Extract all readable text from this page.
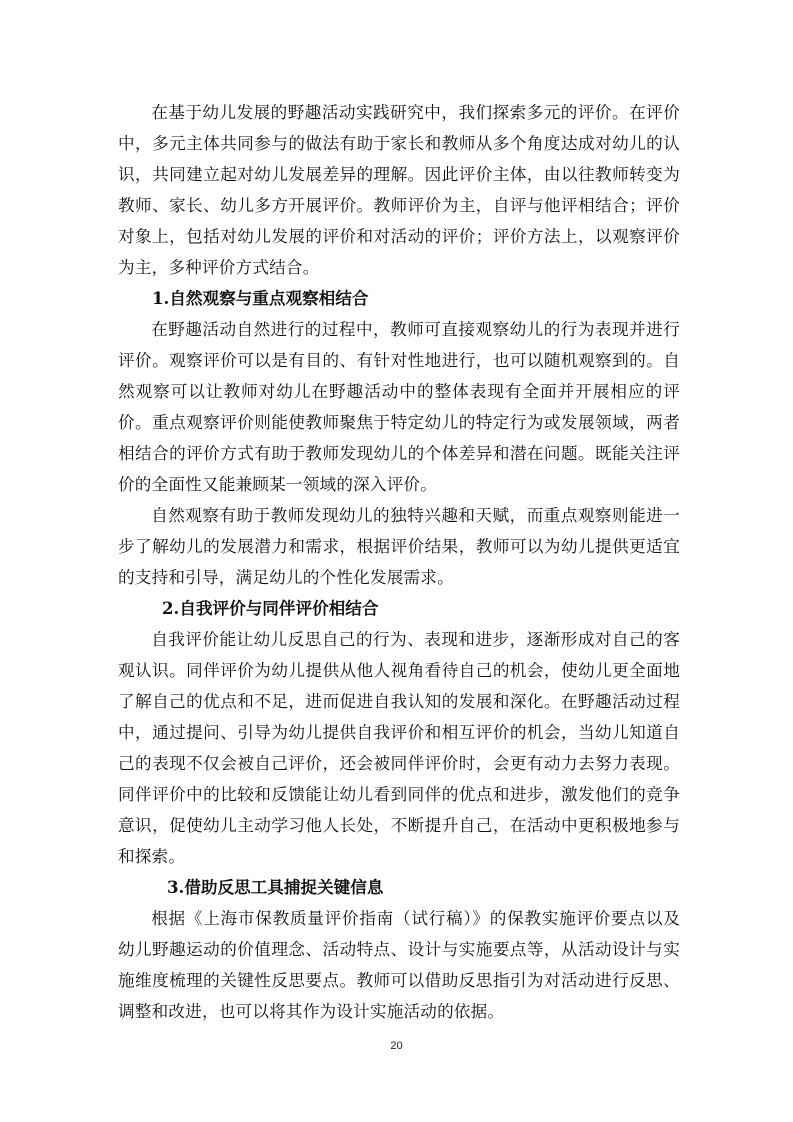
在基于幼儿发展的野趣活动实践研究中，我们探索多元的评价。在评价中，多元主体共同参与的做法有助于家长和教师从多个角度达成对幼儿的认识，共同建立起对幼儿发展差异的理解。因此评价主体，由以往教师转变为教师、家长、幼儿多方开展评价。教师评价为主，自评与他评相结合；评价对象上，包括对幼儿发展的评价和对活动的评价；评价方法上，以观察评价为主，多种评价方式结合。

1.自然观察与重点观察相结合

在野趣活动自然进行的过程中，教师可直接观察幼儿的行为表现并进行评价。观察评价可以是有目的、有针对性地进行，也可以随机观察到的。自然观察可以让教师对幼儿在野趣活动中的整体表现有全面并开展相应的评价。重点观察评价则能使教师聚焦于特定幼儿的特定行为或发展领域，两者相结合的评价方式有助于教师发现幼儿的个体差异和潜在问题。既能关注评价的全面性又能兼顾某一领域的深入评价。

自然观察有助于教师发现幼儿的独特兴趣和天赋，而重点观察则能进一步了解幼儿的发展潜力和需求，根据评价结果，教师可以为幼儿提供更适宜的支持和引导，满足幼儿的个性化发展需求。

2.自我评价与同伴评价相结合

自我评价能让幼儿反思自己的行为、表现和进步，逐渐形成对自己的客观认识。同伴评价为幼儿提供从他人视角看待自己的机会，使幼儿更全面地了解自己的优点和不足，进而促进自我认知的发展和深化。在野趣活动过程中，通过提问、引导为幼儿提供自我评价和相互评价的机会，当幼儿知道自己的表现不仅会被自己评价，还会被同伴评价时，会更有动力去努力表现。同伴评价中的比较和反馈能让幼儿看到同伴的优点和进步，激发他们的竞争意识，促使幼儿主动学习他人长处，不断提升自己，在活动中更积极地参与和探索。

3.借助反思工具捕捉关键信息

根据《上海市保教质量评价指南（试行稿）》的保教实施评价要点以及幼儿野趣运动的价值理念、活动特点、设计与实施要点等，从活动设计与实施维度梳理的关键性反思要点。教师可以借助反思指引为对活动进行反思、调整和改进，也可以将其作为设计实施活动的依据。

20
